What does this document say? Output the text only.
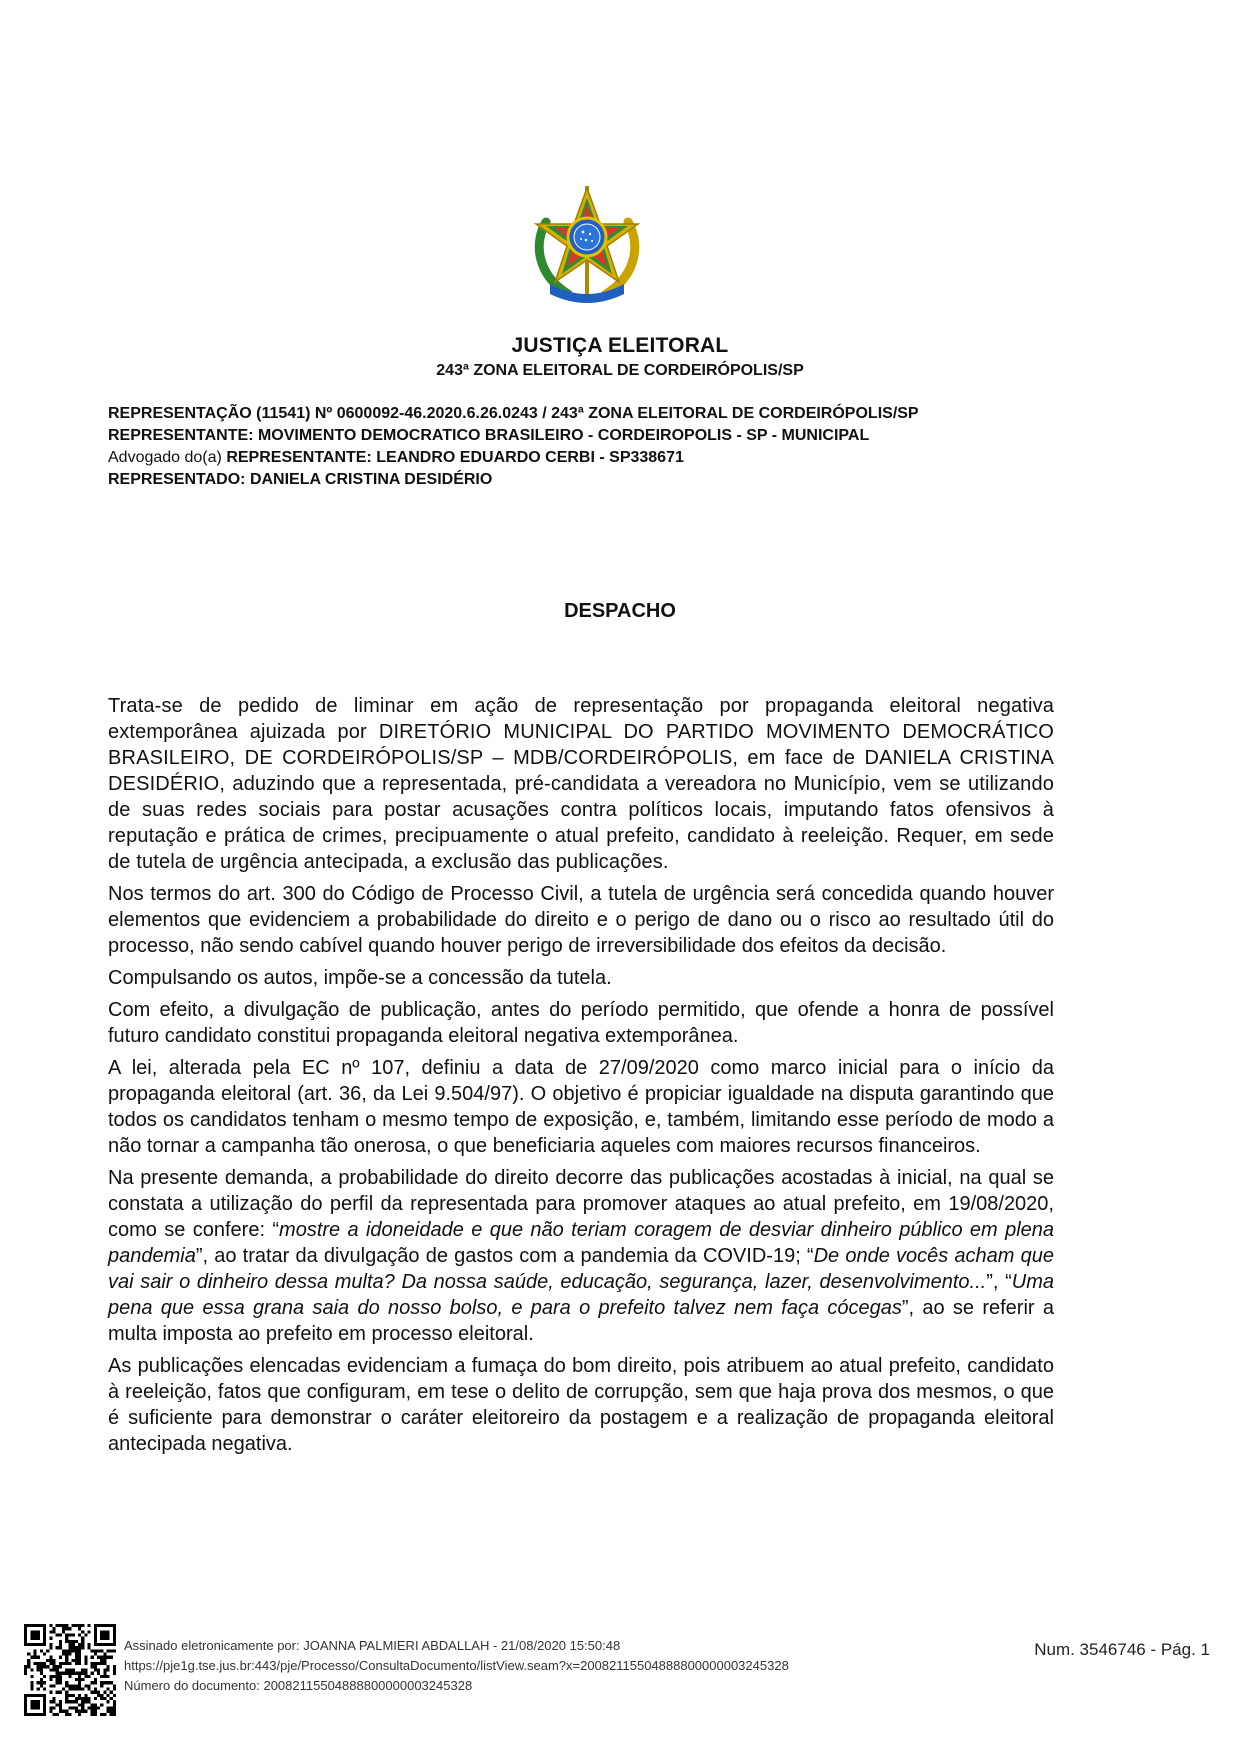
JUSTIÇA ELEITORAL
243ª ZONA ELEITORAL DE CORDEIRÓPOLIS/SP
REPRESENTAÇÃO (11541) Nº 0600092-46.2020.6.26.0243 / 243ª ZONA ELEITORAL DE CORDEIRÓPOLIS/SP
REPRESENTANTE: MOVIMENTO DEMOCRATICO BRASILEIRO - CORDEIROPOLIS - SP - MUNICIPAL
Advogado do(a) REPRESENTANTE: LEANDRO EDUARDO CERBI - SP338671
REPRESENTADO: DANIELA CRISTINA DESIDÉRIO
DESPACHO

Trata-se de pedido de liminar em ação de representação por propaganda eleitoral negativa extemporânea ajuizada por DIRETÓRIO MUNICIPAL DO PARTIDO MOVIMENTO DEMOCRÁTICO BRASILEIRO, DE CORDEIRÓPOLIS/SP – MDB/CORDEIRÓPOLIS, em face de DANIELA CRISTINA DESIDÉRIO, aduzindo que a representada, pré-candidata a vereadora no Município, vem se utilizando de suas redes sociais para postar acusações contra políticos locais, imputando fatos ofensivos à reputação e prática de crimes, precipuamente o atual prefeito, candidato à reeleição. Requer, em sede de tutela de urgência antecipada, a exclusão das publicações.

Nos termos do art. 300 do Código de Processo Civil, a tutela de urgência será concedida quando houver elementos que evidenciem a probabilidade do direito e o perigo de dano ou o risco ao resultado útil do processo, não sendo cabível quando houver perigo de irreversibilidade dos efeitos da decisão.

Compulsando os autos, impõe-se a concessão da tutela.

Com efeito, a divulgação de publicação, antes do período permitido, que ofende a honra de possível futuro candidato constitui propaganda eleitoral negativa extemporânea.

A lei, alterada pela EC nº 107, definiu a data de 27/09/2020 como marco inicial para o início da propaganda eleitoral (art. 36, da Lei 9.504/97). O objetivo é propiciar igualdade na disputa garantindo que todos os candidatos tenham o mesmo tempo de exposição, e, também, limitando esse período de modo a não tornar a campanha tão onerosa, o que beneficiaria aqueles com maiores recursos financeiros.

Na presente demanda, a probabilidade do direito decorre das publicações acostadas à inicial, na qual se constata a utilização do perfil da representada para promover ataques ao atual prefeito, em 19/08/2020, como se confere: “mostre a idoneidade e que não teriam coragem de desviar dinheiro público em plena pandemia”, ao tratar da divulgação de gastos com a pandemia da COVID-19; “De onde vocês acham que vai sair o dinheiro dessa multa? Da nossa saúde, educação, segurança, lazer, desenvolvimento...”, “Uma pena que essa grana saia do nosso bolso, e para o prefeito talvez nem faça cócegas”, ao se referir a multa imposta ao prefeito em processo eleitoral.

As publicações elencadas evidenciam a fumaça do bom direito, pois atribuem ao atual prefeito, candidato à reeleição, fatos que configuram, em tese o delito de corrupção, sem que haja prova dos mesmos, o que é suficiente para demonstrar o caráter eleitoreiro da postagem e a realização de propaganda eleitoral antecipada negativa.

Assinado eletronicamente por: JOANNA PALMIERI ABDALLAH - 21/08/2020 15:50:48
https://pje1g.tse.jus.br:443/pje/Processo/ConsultaDocumento/listView.seam?x=20082115504888800000003245328
Número do documento: 20082115504888800000003245328
Num. 3546746 - Pág. 1
